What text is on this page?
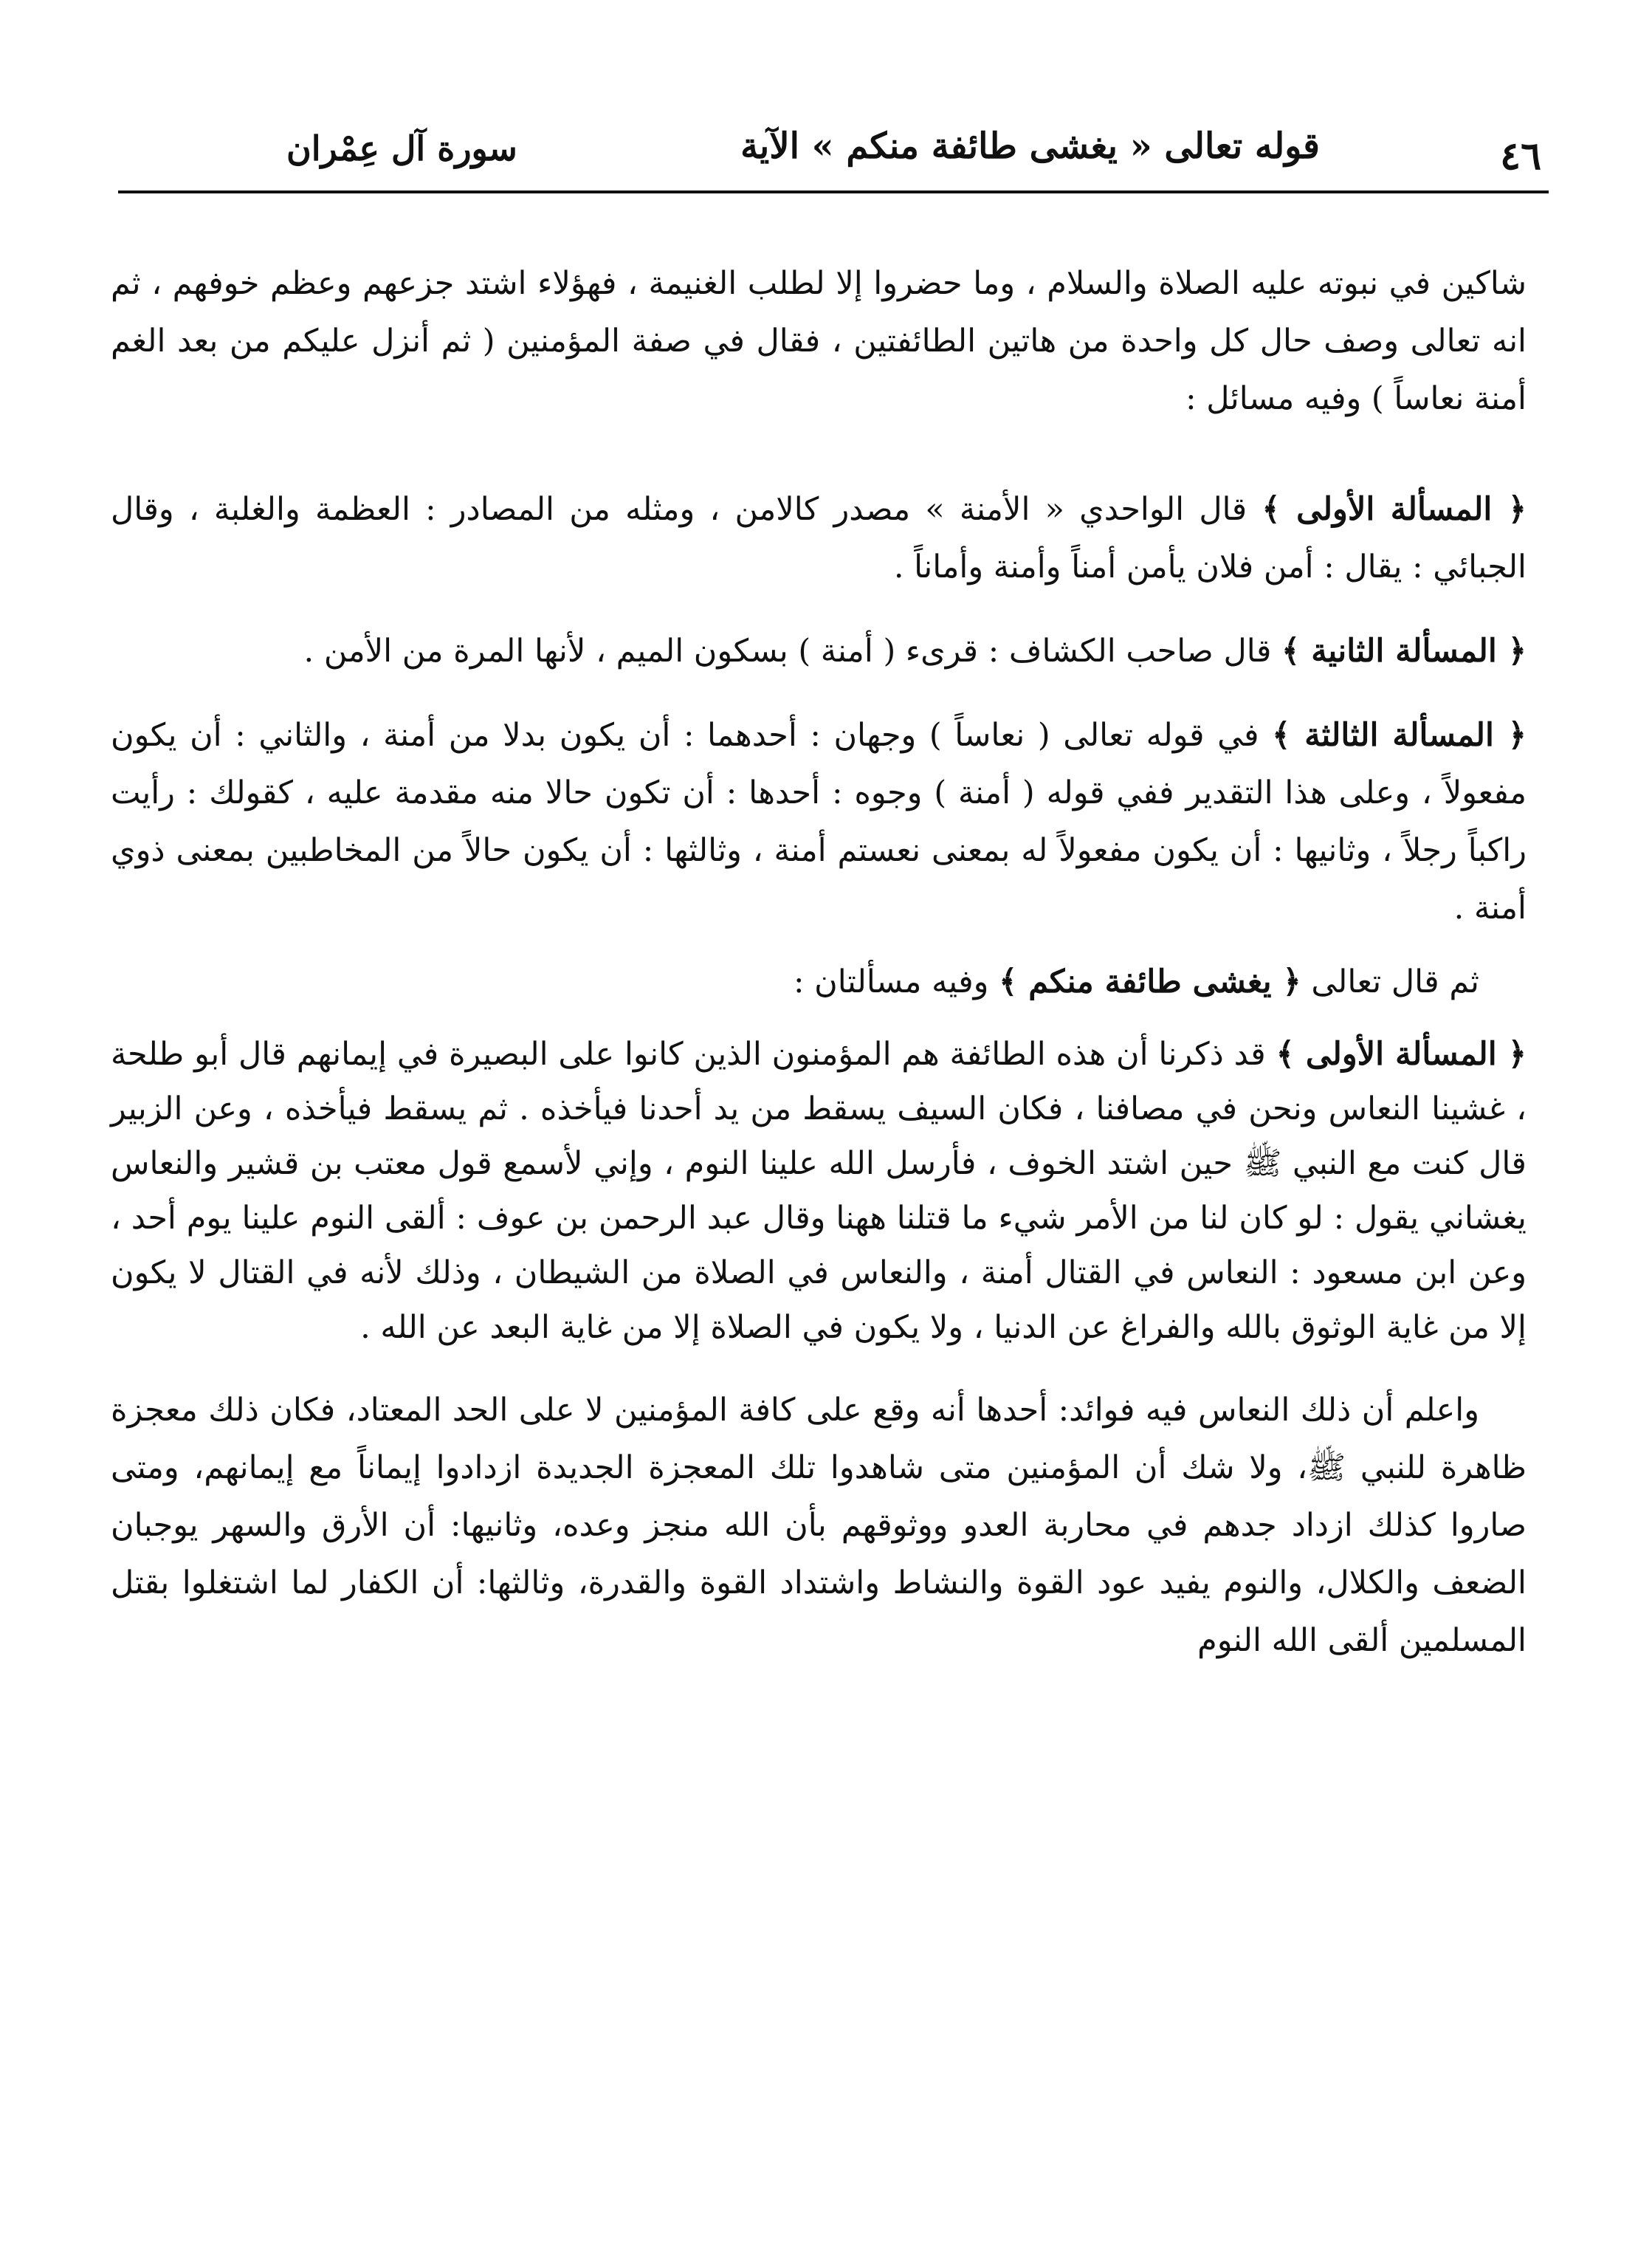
٤٦
قوله تعالى « يغشى طائفة منكم » الآية
سورة آل عِمْران

شاكين في نبوته عليه الصلاة والسلام ، وما حضروا إلا لطلب الغنيمة ، فهؤلاء اشتد جزعهم وعظم خوفهم ، ثم انه تعالى وصف حال كل واحدة من هاتين الطائفتين ، فقال في صفة المؤمنين ( ثم أنزل عليكم من بعد الغم أمنة نعاساً ) وفيه مسائل :

﴿ المسألة الأولى ﴾ قال الواحدي « الأمنة » مصدر كالامن ، ومثله من المصادر : العظمة والغلبة ، وقال الجبائي : يقال : أمن فلان يأمن أمناً وأمنة وأماناً .

﴿ المسألة الثانية ﴾ قال صاحب الكشاف : قرىء ( أمنة ) بسكون الميم ، لأنها المرة من الأمن .

﴿ المسألة الثالثة ﴾ في قوله تعالى ( نعاساً ) وجهان : أحدهما : أن يكون بدلا من أمنة ، والثاني : أن يكون مفعولاً ، وعلى هذا التقدير ففي قوله ( أمنة ) وجوه : أحدها : أن تكون حالا منه مقدمة عليه ، كقولك : رأيت راكباً رجلاً ، وثانيها : أن يكون مفعولاً له بمعنى نعستم أمنة ، وثالثها : أن يكون حالاً من المخاطبين بمعنى ذوي أمنة .

ثم قال تعالى ﴿ يغشى طائفة منكم ﴾ وفيه مسألتان :

﴿ المسألة الأولى ﴾ قد ذكرنا أن هذه الطائفة هم المؤمنون الذين كانوا على البصيرة في إيمانهم قال أبو طلحة ، غشينا النعاس ونحن في مصافنا ، فكان السيف يسقط من يد أحدنا فيأخذه . ثم يسقط فيأخذه ، وعن الزبير قال كنت مع النبي ﷺ حين اشتد الخوف ، فأرسل الله علينا النوم ، وإني لأسمع قول معتب بن قشير والنعاس يغشاني يقول : لو كان لنا من الأمر شيء ما قتلنا ههنا وقال عبد الرحمن بن عوف : ألقى النوم علينا يوم أحد ، وعن ابن مسعود : النعاس في القتال أمنة ، والنعاس في الصلاة من الشيطان ، وذلك لأنه في القتال لا يكون إلا من غاية الوثوق بالله والفراغ عن الدنيا ، ولا يكون في الصلاة إلا من غاية البعد عن الله .

واعلم أن ذلك النعاس فيه فوائد: أحدها أنه وقع على كافة المؤمنين لا على الحد المعتاد، فكان ذلك معجزة ظاهرة للنبي ﷺ، ولا شك أن المؤمنين متى شاهدوا تلك المعجزة الجديدة ازدادوا إيماناً مع إيمانهم، ومتى صاروا كذلك ازداد جدهم في محاربة العدو ووثوقهم بأن الله منجز وعده، وثانيها: أن الأرق والسهر يوجبان الضعف والكلال، والنوم يفيد عود القوة والنشاط واشتداد القوة والقدرة، وثالثها: أن الكفار لما اشتغلوا بقتل المسلمين ألقى الله النوم
